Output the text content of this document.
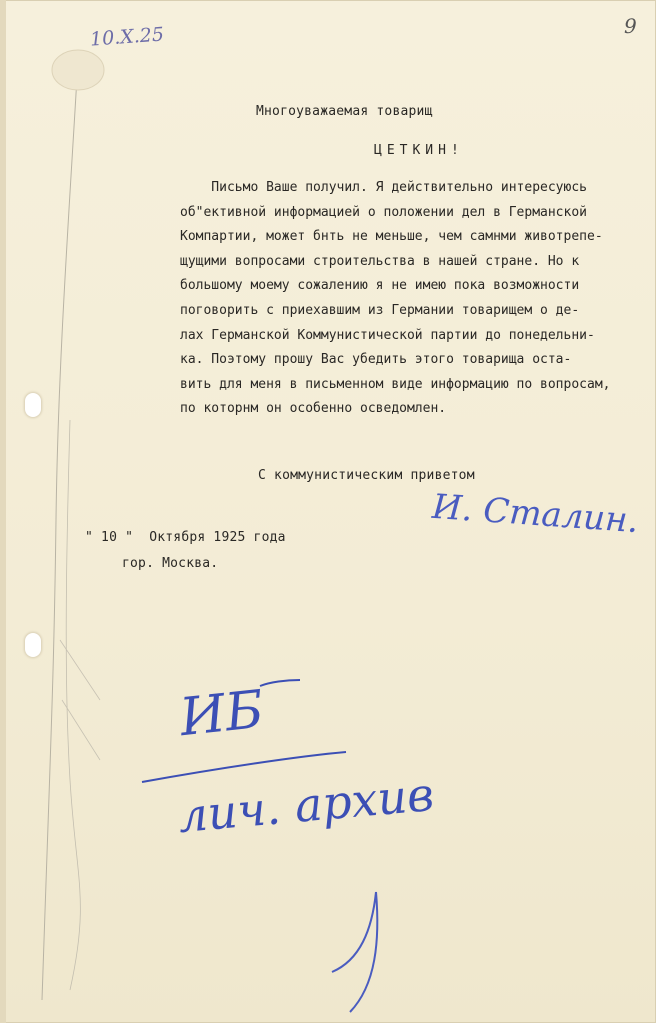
10.X.25	9

Многоуважаемая товарищ

ЦЕТКИН!

Письмо Ваше получил. Я действительно интересуюсь
об"ективной информацией о положении дел в Германской
Компартии, может бнть не меньше, чем самнми животрепе-
щущими вопросами строительства в нашей стране. Но к
большому моему сожалению я не имею пока возможности
поговорить с приехавшим из Германии товарищем о де-
лах Германской Коммунистической партии до понедельни-
ка. Поэтому прошу Вас убедить этого товарища оста-
вить для меня в письменном виде информацию по вопросам,
по которнм он особенно осведомлен.

С коммунистическим приветом

И. Сталин.

" 10 "  Октября 1925 года

гор. Москва.

ИБ
лич. архив
